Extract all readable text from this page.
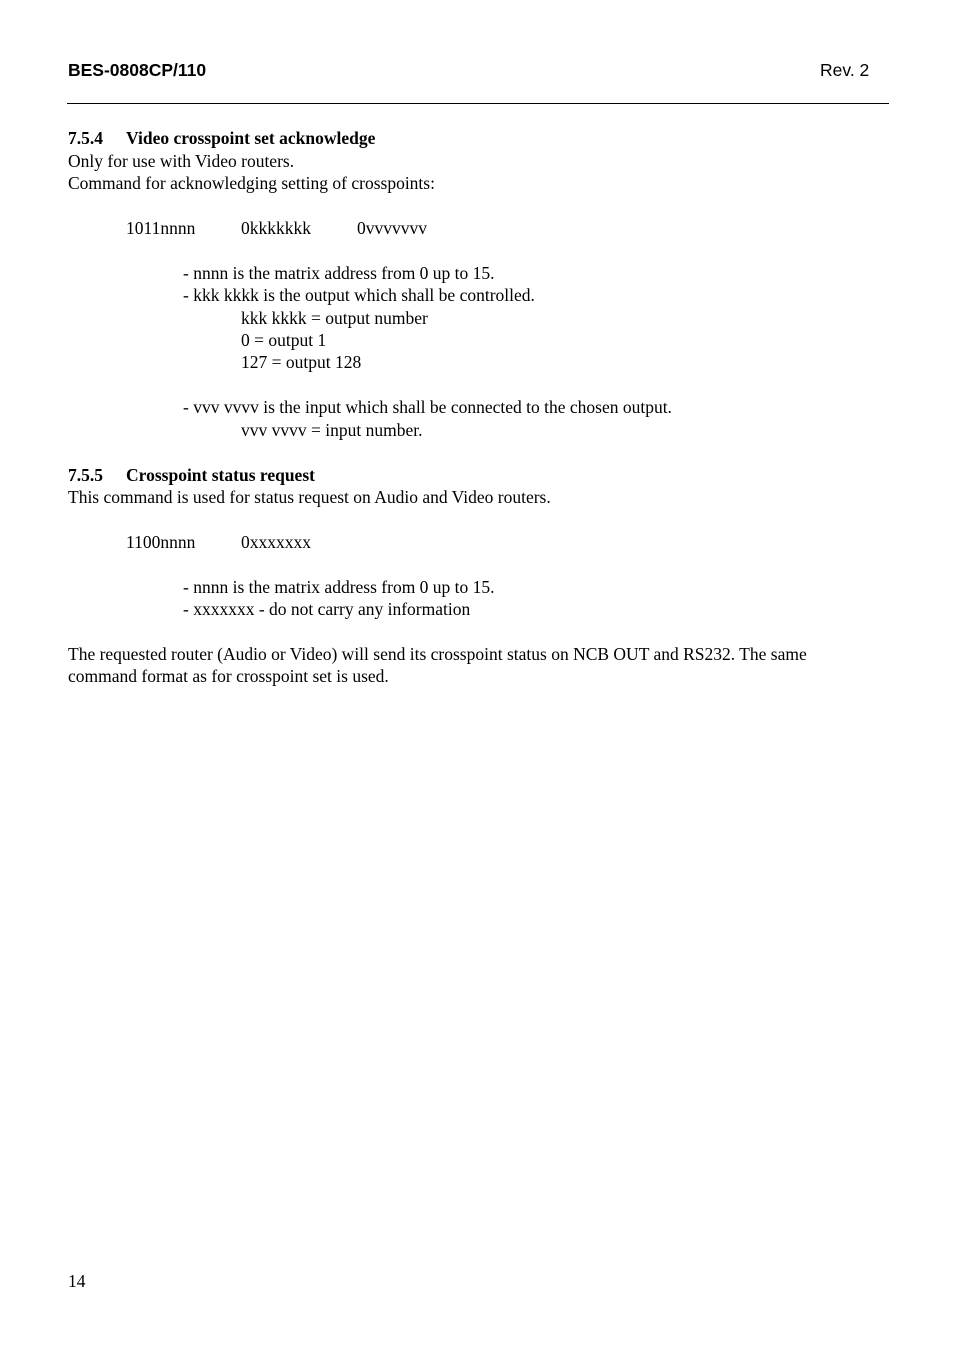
BES-0808CP/110	Rev. 2
7.5.4 Video crosspoint set acknowledge
Only for use with Video routers.
Command for acknowledging setting of crosspoints:
1011nnnn	0kkkkkkk	0vvvvvvv
- nnnn is the matrix address from 0 up to 15.
- kkk kkkk is the output which shall be controlled.
kkk kkkk = output number
0 = output 1
127 = output 128
- vvv vvvv is the input which shall be connected to the chosen output.
vvv vvvv = input number.
7.5.5 Crosspoint status request
This command is used for status request on Audio and Video routers.
1100nnnn	0xxxxxxx
- nnnn is the matrix address from 0 up to 15.
- xxxxxxx - do not carry any information
The requested router (Audio or Video) will send its crosspoint status on NCB OUT and RS232. The same
command format as for crosspoint set is used.
14
